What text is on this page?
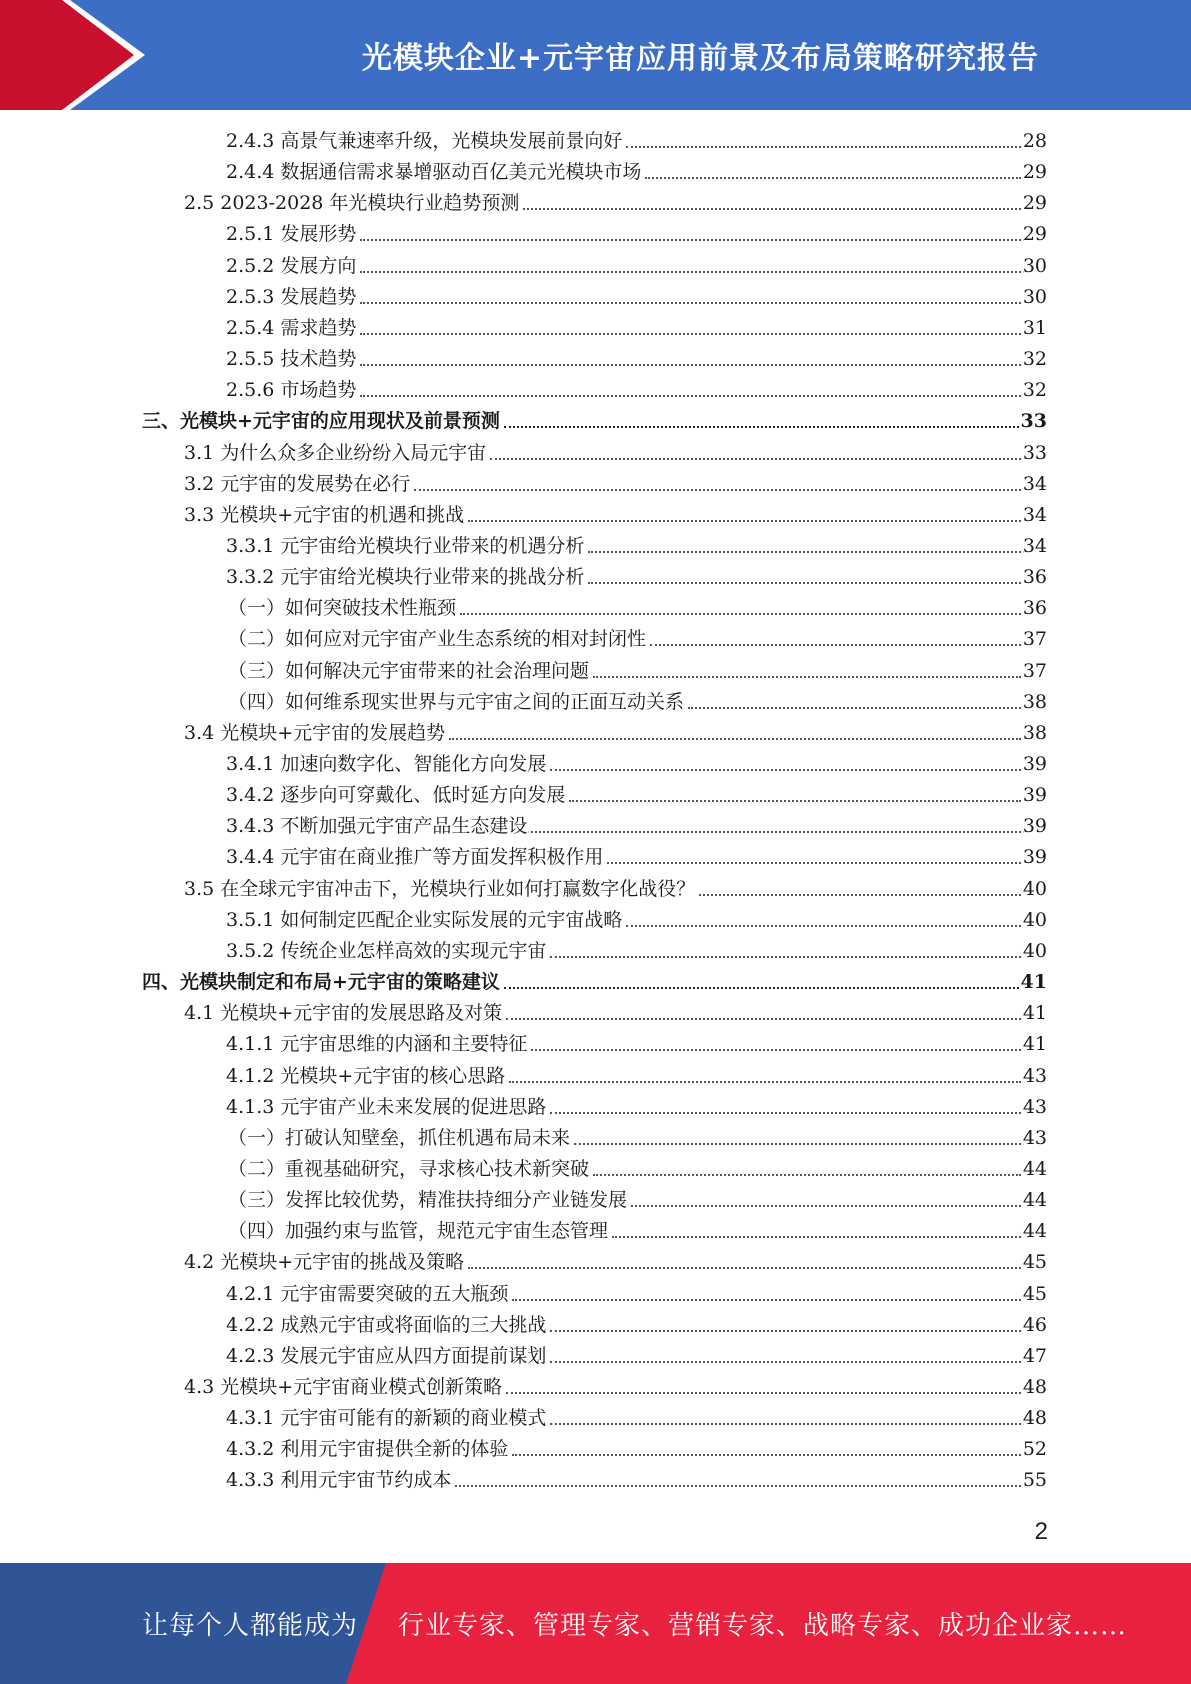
光模块企业+元宇宙应用前景及布局策略研究报告
2.4.3 高景气兼速率升级，光模块发展前景向好	28
2.4.4 数据通信需求暴增驱动百亿美元光模块市场	29
2.5 2023-2028 年光模块行业趋势预测	29
2.5.1 发展形势	29
2.5.2 发展方向	30
2.5.3 发展趋势	30
2.5.4 需求趋势	31
2.5.5 技术趋势	32
2.5.6 市场趋势	32
三、光模块+元宇宙的应用现状及前景预测	33
3.1 为什么众多企业纷纷入局元宇宙	33
3.2 元宇宙的发展势在必行	34
3.3 光模块+元宇宙的机遇和挑战	34
3.3.1 元宇宙给光模块行业带来的机遇分析	34
3.3.2 元宇宙给光模块行业带来的挑战分析	36
（一）如何突破技术性瓶颈	36
（二）如何应对元宇宙产业生态系统的相对封闭性	37
（三）如何解决元宇宙带来的社会治理问题	37
（四）如何维系现实世界与元宇宙之间的正面互动关系	38
3.4 光模块+元宇宙的发展趋势	38
3.4.1 加速向数字化、智能化方向发展	39
3.4.2 逐步向可穿戴化、低时延方向发展	39
3.4.3 不断加强元宇宙产品生态建设	39
3.4.4 元宇宙在商业推广等方面发挥积极作用	39
3.5 在全球元宇宙冲击下，光模块行业如何打赢数字化战役？	40
3.5.1 如何制定匹配企业实际发展的元宇宙战略	40
3.5.2 传统企业怎样高效的实现元宇宙	40
四、光模块制定和布局+元宇宙的策略建议	41
4.1 光模块+元宇宙的发展思路及对策	41
4.1.1 元宇宙思维的内涵和主要特征	41
4.1.2 光模块+元宇宙的核心思路	43
4.1.3 元宇宙产业未来发展的促进思路	43
（一）打破认知壁垒，抓住机遇布局未来	43
（二）重视基础研究，寻求核心技术新突破	44
（三）发挥比较优势，精准扶持细分产业链发展	44
（四）加强约束与监管，规范元宇宙生态管理	44
4.2 光模块+元宇宙的挑战及策略	45
4.2.1 元宇宙需要突破的五大瓶颈	45
4.2.2 成熟元宇宙或将面临的三大挑战	46
4.2.3 发展元宇宙应从四方面提前谋划	47
4.3 光模块+元宇宙商业模式创新策略	48
4.3.1 元宇宙可能有的新颖的商业模式	48
4.3.2 利用元宇宙提供全新的体验	52
4.3.3 利用元宇宙节约成本	55
2
让每个人都能成为 行业专家、管理专家、营销专家、战略专家、成功企业家……
